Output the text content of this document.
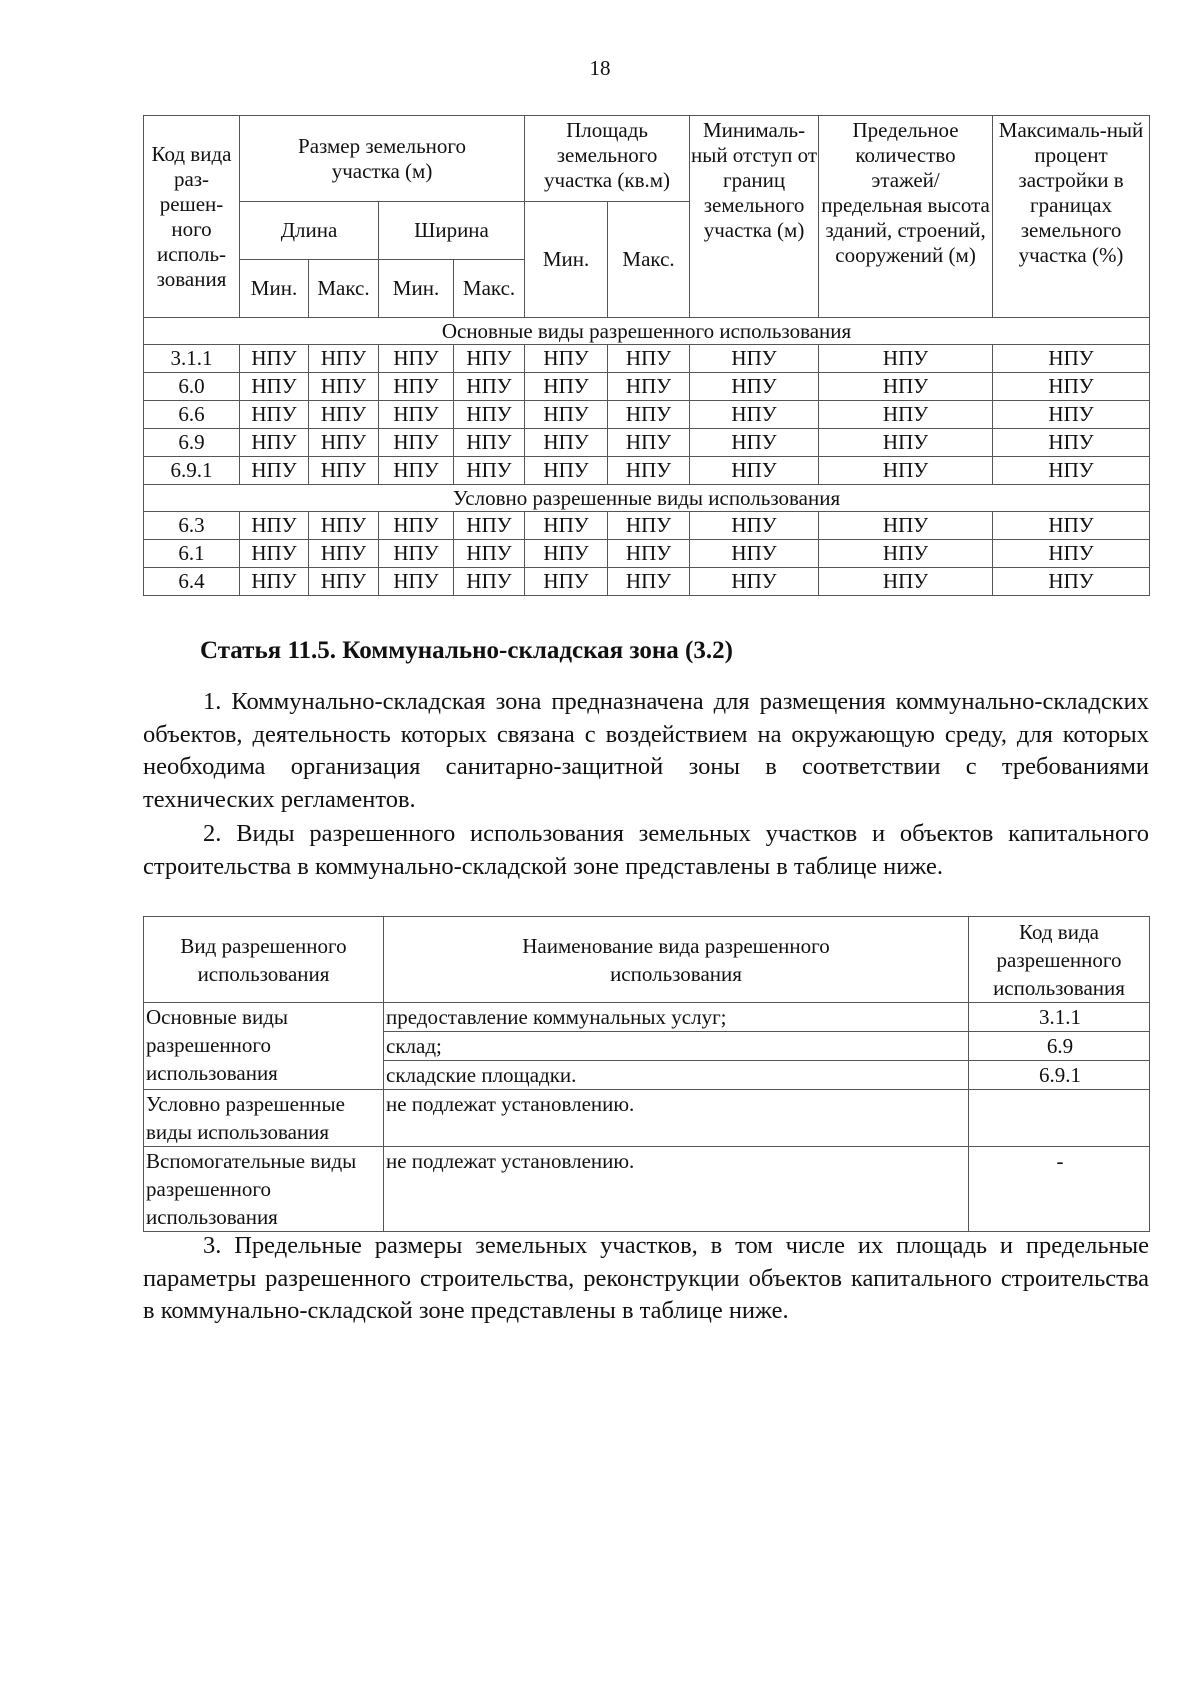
18
Код вида раз-решен-ного исполь-зования	Размер земельного участка (м)				Площадь земельного участка (кв.м)		Минималь-ный отступ от границ земельного участка (м)	Предельное количество этажей/ предельная высота зданий, строений, сооружений (м)	Максималь-ный процент застройки в границах земельного участка (%)
	Длина		Ширина		Мин.	Макс.			
	Мин.	Макс.	Мин.	Макс.					
Основные виды разрешенного использования									
3.1.1	НПУ	НПУ	НПУ	НПУ	НПУ	НПУ	НПУ	НПУ	НПУ
6.0	НПУ	НПУ	НПУ	НПУ	НПУ	НПУ	НПУ	НПУ	НПУ
6.6	НПУ	НПУ	НПУ	НПУ	НПУ	НПУ	НПУ	НПУ	НПУ
6.9	НПУ	НПУ	НПУ	НПУ	НПУ	НПУ	НПУ	НПУ	НПУ
6.9.1	НПУ	НПУ	НПУ	НПУ	НПУ	НПУ	НПУ	НПУ	НПУ
Условно разрешенные виды использования									
6.3	НПУ	НПУ	НПУ	НПУ	НПУ	НПУ	НПУ	НПУ	НПУ
6.1	НПУ	НПУ	НПУ	НПУ	НПУ	НПУ	НПУ	НПУ	НПУ
6.4	НПУ	НПУ	НПУ	НПУ	НПУ	НПУ	НПУ	НПУ	НПУ
Статья 11.5. Коммунально-складская зона (3.2)

1. Коммунально-складская зона предназначена для размещения коммунально-складских объектов, деятельность которых связана с воздействием на окружающую среду, для которых необходима организация санитарно-защитной зоны в соответствии с требованиями технических регламентов.

2. Виды разрешенного использования земельных участков и объектов капитального строительства в коммунально-складской зоне представлены в таблице ниже.

Вид разрешенного использования	Наименование вида разрешенного использования	Код вида разрешенного использования
Основные виды разрешенного использования	предоставление коммунальных услуг;	3.1.1
	склад;	6.9
	складские площадки.	6.9.1
Условно разрешенные виды использования	не подлежат установлению.	
Вспомогательные виды разрешенного использования	не подлежат установлению.	-

3. Предельные размеры земельных участков, в том числе их площадь и предельные параметры разрешенного строительства, реконструкции объектов капитального строительства в коммунально-складской зоне представлены в таблице ниже.
